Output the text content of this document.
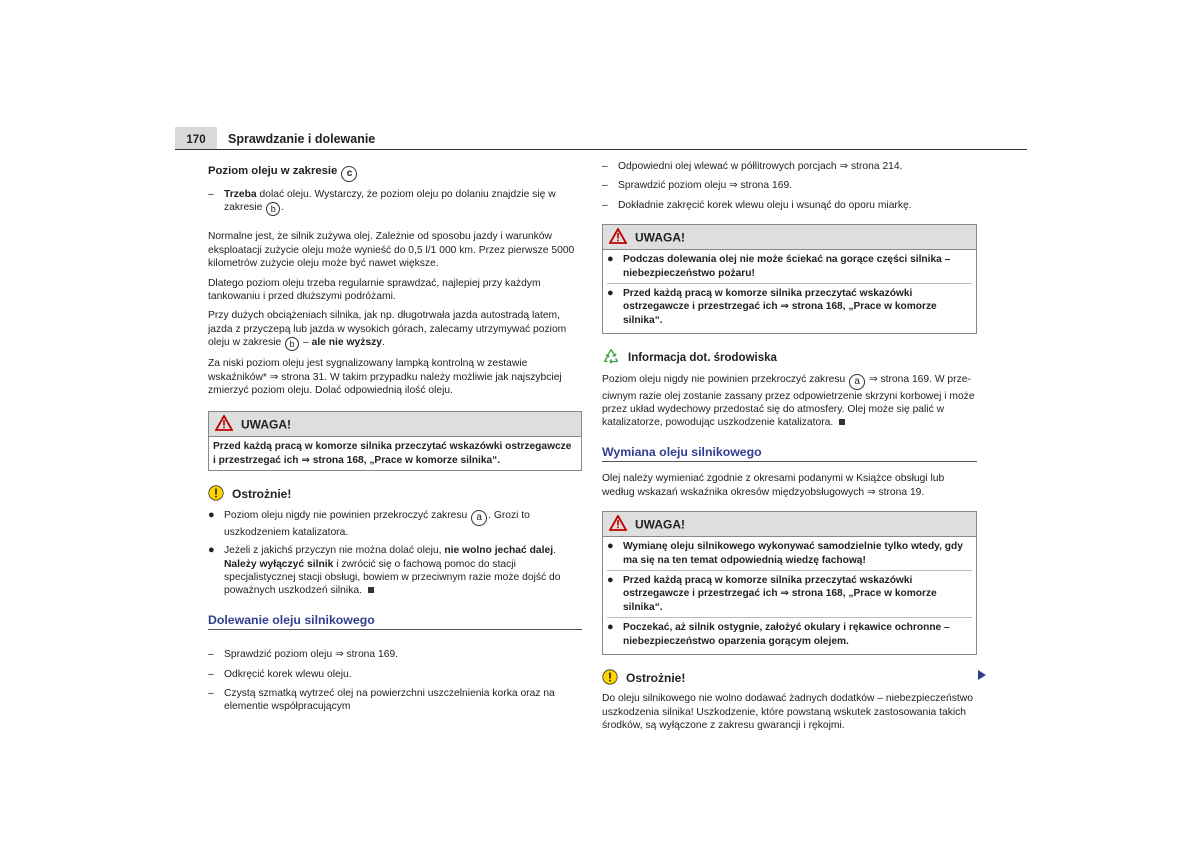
170	Sprawdzanie i dolewanie
Poziom oleju w zakresie c
– Trzeba dolać oleju. Wystarczy, że poziom oleju po dolaniu znajdzie się w zakresie b .

Normalne jest, że silnik zużywa olej. Zależnie od sposobu jazdy i warunków eksploatacji zużycie oleju może wynieść do 0,5 l/1 000 km. Przez pierwsze 5000 kilometrów zużycie oleju może być nawet większe.

Dlatego poziom oleju trzeba regularnie sprawdzać, najlepiej przy każdym tankowaniu i przed dłuższymi podróżami.

Przy dużych obciążeniach silnika, jak np. długotrwała jazda autostradą latem, jazda z przyczepą lub jazda w wysokich górach, zalecamy utrzymywać poziom oleju w zakresie b – ale nie wyższy.

Za niski poziom oleju jest sygnalizowany lampką kontrolną w zestawie wskaźników* ⇒ strona 31. W takim przypadku należy możliwie jak najszybciej zmierzyć poziom oleju. Dolać odpowiednią ilość oleju.

UWAGA!
Przed każdą pracą w komorze silnika przeczytać wskazówki ostrzegawcze i przestrzegać ich ⇒ strona 168, „Prace w komorze silnika“.
Ostrożnie!
● Poziom oleju nigdy nie powinien przekroczyć zakresu a . Grozi to uszkodzeniem katalizatora.
● Jeżeli z jakichś przyczyn nie można dolać oleju, nie wolno jechać dalej. Należy wyłączyć silnik i zwrócić się o fachową pomoc do stacji specjalistycznej stacji obsługi, bowiem w przeciwnym razie może dojść do poważnych uszkodzeń silnika.
Dolewanie oleju silnikowego
– Sprawdzić poziom oleju ⇒ strona 169.
– Odkręcić korek wlewu oleju.
– Czystą szmatką wytrzeć olej na powierzchni uszczelnienia korka oraz na elementie współpracującym
– Odpowiedni olej wlewać w półlitrowych porcjach ⇒ strona 214.
– Sprawdzić poziom oleju ⇒ strona 169.
– Dokładnie zakręcić korek wlewu oleju i wsunąć do oporu miarkę.
UWAGA!
● Podczas dolewania olej nie może ściekać na gorące części silnika – niebezpieczeństwo pożaru!
● Przed każdą pracą w komorze silnika przeczytać wskazówki ostrzegawcze i przestrzegać ich ⇒ strona 168, „Prace w komorze silnika“.
Informacja dot. środowiska

Poziom oleju nigdy nie powinien przekroczyć zakresu a ⇒ strona 169. W przeciwnym razie olej zostanie zassany przez odpowietrzenie skrzyni korbowej i może przez układ wydechowy przedostać się do atmosfery. Olej może się palić w katalizatorze, powodując uszkodzenie katalizatora.

Wymiana oleju silnikowego

Olej należy wymieniać zgodnie z okresami podanymi w Książce obsługi lub według wskazań wskaźnika okresów międzyobsługowych ⇒ strona 19.

UWAGA!
● Wymianę oleju silnikowego wykonywać samodzielnie tylko wtedy, gdy ma się na ten temat odpowiednią wiedzę fachową!
● Przed każdą pracą w komorze silnika przeczytać wskazówki ostrzegawcze i przestrzegać ich ⇒ strona 168, „Prace w komorze silnika“.
● Poczekać, aż silnik ostygnie, założyć okulary i rękawice ochronne – niebezpieczeństwo oparzenia gorącym olejem.
Ostrożnie!

Do oleju silnikowego nie wolno dodawać żadnych dodatków – niebezpieczeństwo uszkodzenia silnika! Uszkodzenie, które powstaną wskutek zastosowania takich środków, są wyłączone z zakresu gwarancji i rękojmi.
